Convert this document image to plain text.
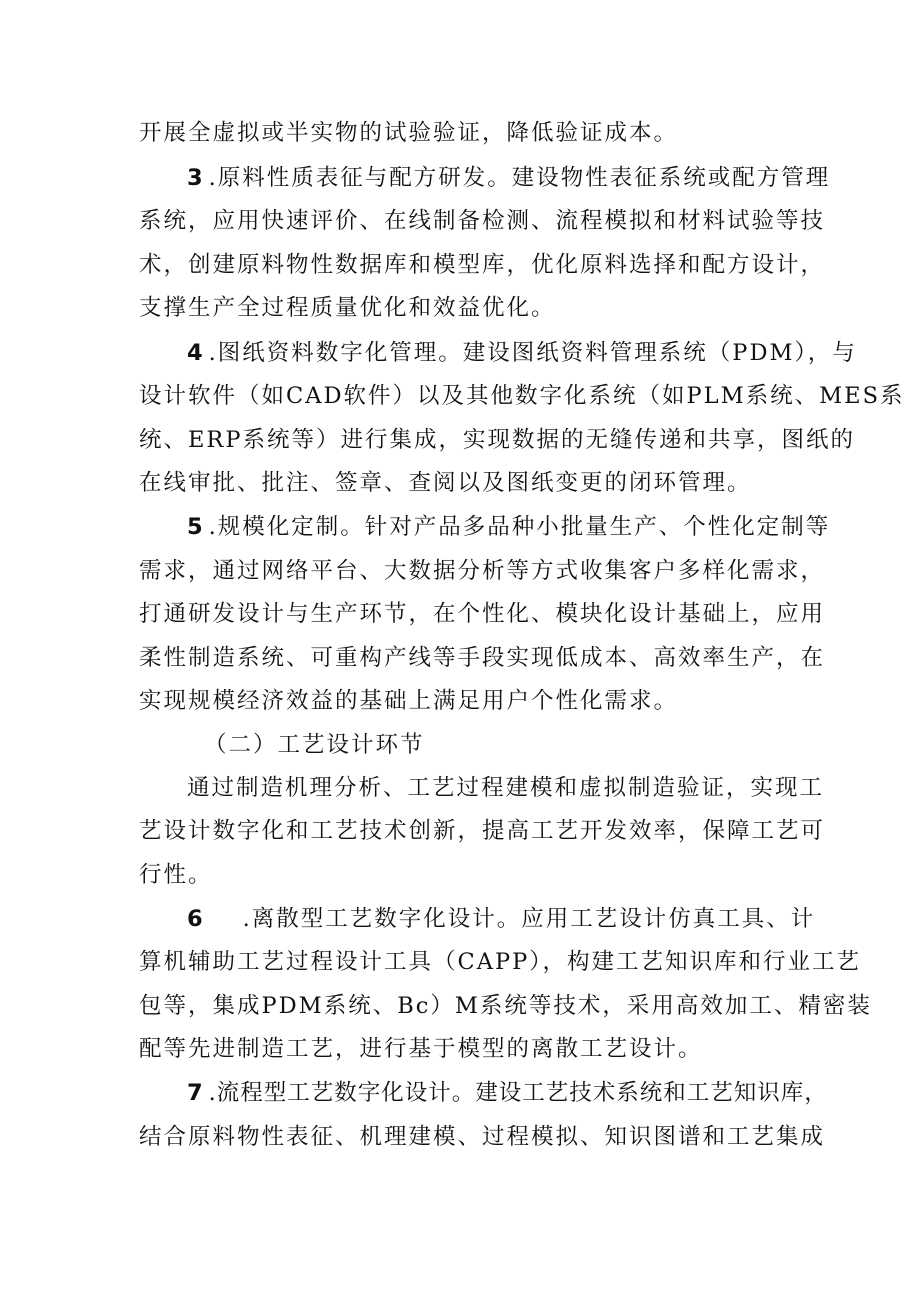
开展全虚拟或半实物的试验验证，降低验证成本。
3 .原料性质表征与配方研发。建设物性表征系统或配方管理
系统，应用快速评价、在线制备检测、流程模拟和材料试验等技
术，创建原料物性数据库和模型库，优化原料选择和配方设计，
支撑生产全过程质量优化和效益优化。
4 .图纸资料数字化管理。建设图纸资料管理系统（PDM），与
设计软件（如CAD软件）以及其他数字化系统（如PLM系统、MES系
统、ERP系统等）进行集成，实现数据的无缝传递和共享，图纸的
在线审批、批注、签章、查阅以及图纸变更的闭环管理。
5 .规模化定制。针对产品多品种小批量生产、个性化定制等
需求，通过网络平台、大数据分析等方式收集客户多样化需求，
打通研发设计与生产环节，在个性化、模块化设计基础上，应用
柔性制造系统、可重构产线等手段实现低成本、高效率生产，在
实现规模经济效益的基础上满足用户个性化需求。
（二）工艺设计环节
通过制造机理分析、工艺过程建模和虚拟制造验证，实现工
艺设计数字化和工艺技术创新，提高工艺开发效率，保障工艺可
行性。
6 .离散型工艺数字化设计。应用工艺设计仿真工具、计
算机辅助工艺过程设计工具（CAPP），构建工艺知识库和行业工艺
包等，集成PDM系统、Bc）M系统等技术，采用高效加工、精密装
配等先进制造工艺，进行基于模型的离散工艺设计。
7 .流程型工艺数字化设计。建设工艺技术系统和工艺知识库，
结合原料物性表征、机理建模、过程模拟、知识图谱和工艺集成
